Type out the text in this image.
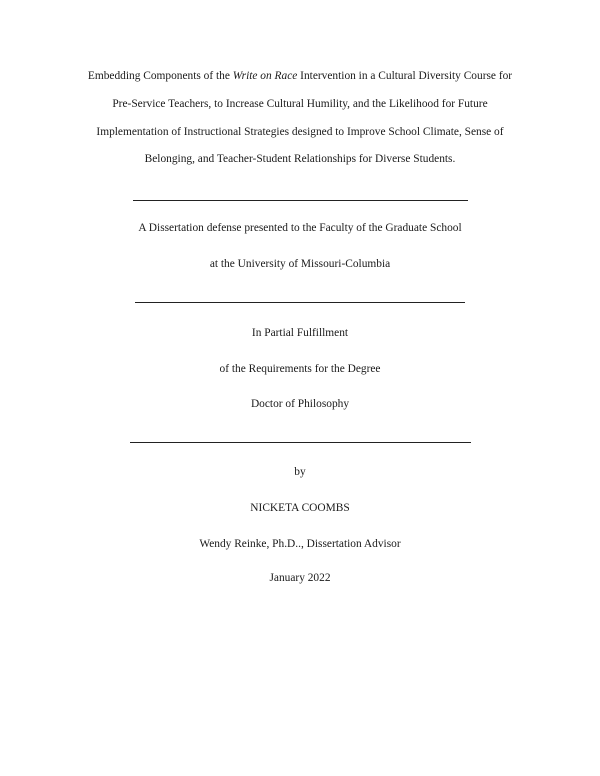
Embedding Components of the Write on Race Intervention in a Cultural Diversity Course for
Pre-Service Teachers, to Increase Cultural Humility, and the Likelihood for Future
Implementation of Instructional Strategies designed to Improve School Climate, Sense of
Belonging, and Teacher-Student Relationships for Diverse Students.
A Dissertation defense presented to the Faculty of the Graduate School
at the University of Missouri-Columbia
In Partial Fulfillment
of the Requirements for the Degree
Doctor of Philosophy
by
NICKETA COOMBS
Wendy Reinke, Ph.D.., Dissertation Advisor
January 2022
